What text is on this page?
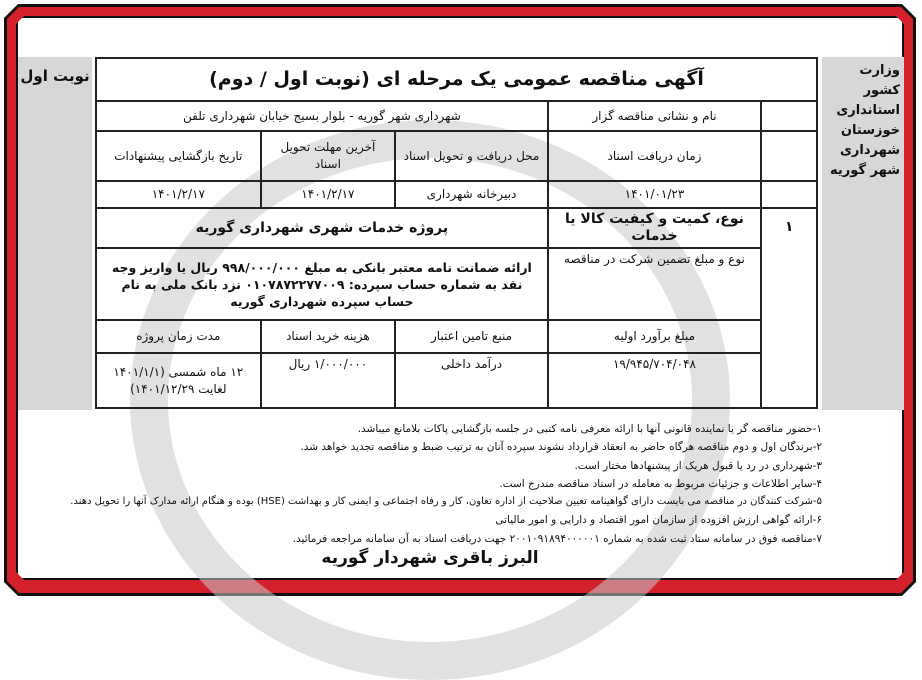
وزارت
کشور
استانداری
خوزستان
شهرداری
شهر گوریه
نوبت اول	آگهی مناقصه عمومی یک مرحله ای (نوبت اول / دوم)				
	نام و نشانی مناقصه گزار	شهرداری شهر گوریه - بلوار بسیج خیابان شهرداری تلفن		
	زمان دریافت اسناد	محل دریافت و تحویل اسناد	آخرین مهلت تحویل اسناد	تاریخ بازگشایی پیشنهادات
	۱۴۰۱/۰۱/۲۳	دبیرخانه شهرداری	۱۴۰۱/۲/۱۷	۱۴۰۱/۲/۱۷
۱	نوع، کمیت و کیفیت کالا یا خدمات	پروژه خدمات شهری شهرداری گوریه		
	نوع و مبلغ تضمین شرکت در مناقصه	ارائه ضمانت نامه معتبر بانکی به مبلغ ۹۹۸/۰۰۰/۰۰۰ ریال یا واریز وجه نقد به شماره حساب سپرده: ۰۱۰۷۸۷۲۲۷۷۰۰۹ نزد بانک ملی به نام حساب سپرده شهرداری گوریه		
	مبلغ برآورد اولیه	منبع تامین اعتبار	هزینه خرید اسناد	مدت زمان پروژه
	۱۹/۹۴۵/۷۰۴/۰۴۸	درآمد داخلی	۱/۰۰۰/۰۰۰ ریال	۱۲ ماه شمسی (۱۴۰۱/۱/۱ لغایت ۱۴۰۱/۱۲/۲۹)
۱-حضور مناقصه گر یا نماینده قانونی آنها با ارائه معرفی نامه کتبی در جلسه بازگشایی پاکات بلامانع میباشد.
۲-برندگان اول و دوم مناقصه هرگاه حاضر به انعقاد قرارداد نشوند سپرده آنان به ترتیب ضبط و مناقصه تجدید خواهد شد.
۳-شهرداری در رد یا قبول هریک از پیشنهادها مختار است.
۴-سایر اطلاعات و جزئیات مربوط به معامله در اسناد مناقصه مندرج است.
۵-شرکت کنندگان در مناقصه می بایست دارای گواهینامه تعیین صلاحیت از اداره تعاون، کار و رفاه اجتماعی و ایمنی کار و بهداشت (HSE) بوده و هنگام ارائه مدارک آنها را تحویل دهند.
۶-ارائه گواهی ارزش افزوده از سازمان امور اقتصاد و دارایی و امور مالیاتی
۷-مناقصه فوق در سامانه ستاد ثبت شده به شماره ۲۰۰۱۰۹۱۸۹۴۰۰۰۰۰۱ جهت دریافت اسناد به آن سامانه مراجعه فرمائید.
البرز باقری شهردار گوریه
